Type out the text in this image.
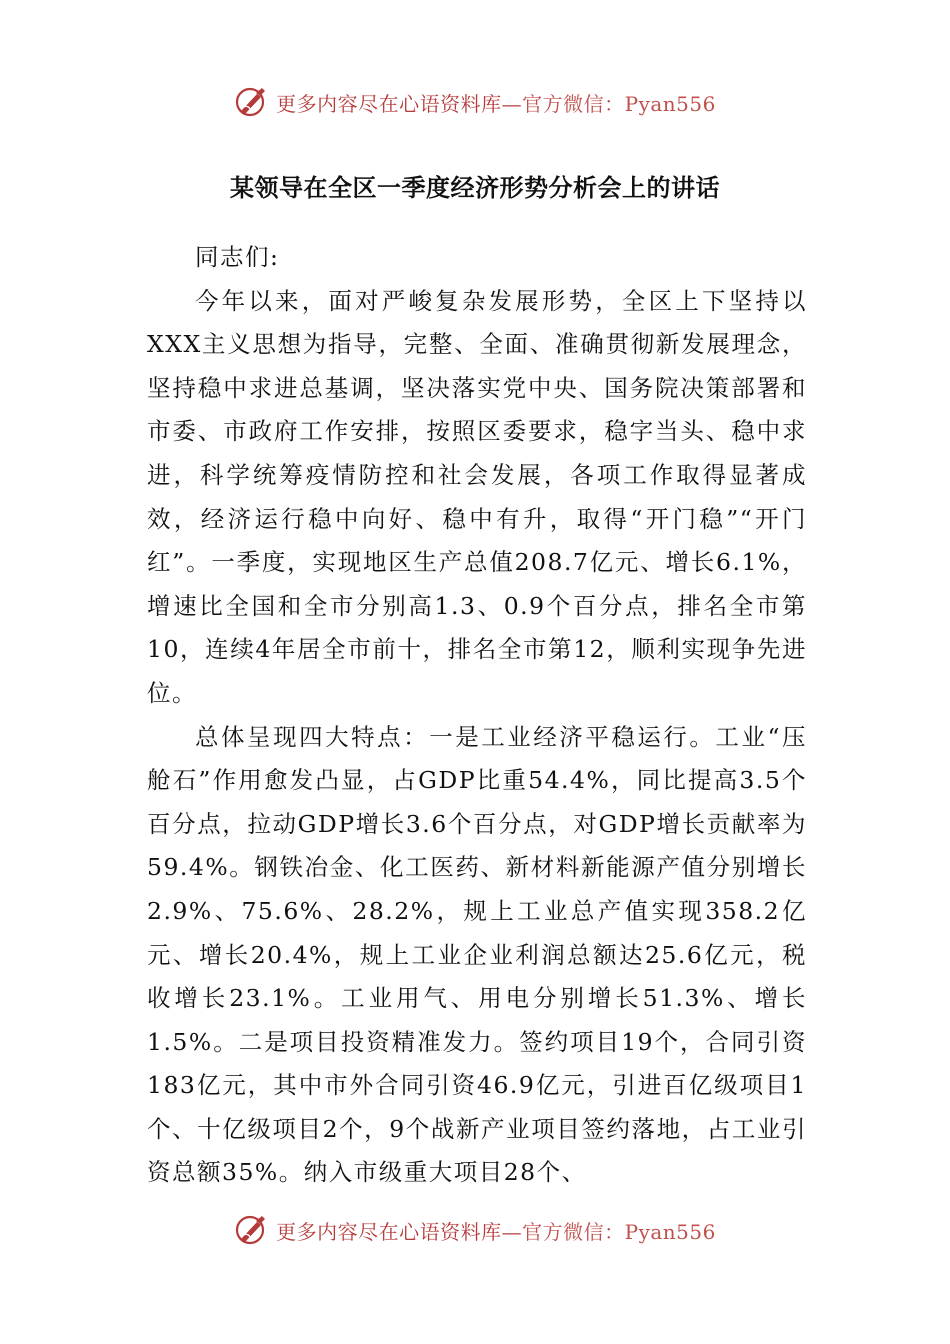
更多内容尽在心语资料库—官方微信：Pyan556
某领导在全区一季度经济形势分析会上的讲话

同志们:

今年以来，面对严峻复杂发展形势，全区上下坚持以XXX主义思想为指导，完整、全面、准确贯彻新发展理念，坚持稳中求进总基调，坚决落实党中央、国务院决策部署和市委、市政府工作安排，按照区委要求，稳字当头、稳中求进，科学统筹疫情防控和社会发展，各项工作取得显著成效，经济运行稳中向好、稳中有升，取得“开门稳”“开门红”。一季度，实现地区生产总值208.7亿元、增长6.1%，增速比全国和全市分别高1.3、0.9个百分点，排名全市第10，连续4年居全市前十，排名全市第12，顺利实现争先进位。

总体呈现四大特点：一是工业经济平稳运行。工业“压舱石”作用愈发凸显，占GDP比重54.4%，同比提高3.5个百分点，拉动GDP增长3.6个百分点，对GDP增长贡献率为59.4%。钢铁冶金、化工医药、新材料新能源产值分别增长2.9%、75.6%、28.2%，规上工业总产值实现358.2亿元、增长20.4%，规上工业企业利润总额达25.6亿元，税收增长23.1%。工业用气、用电分别增长51.3%、增长1.5%。二是项目投资精准发力。签约项目19个，合同引资183亿元，其中市外合同引资46.9亿元，引进百亿级项目1个、十亿级项目2个，9个战新产业项目签约落地，占工业引资总额35%。纳入市级重大项目28个、

更多内容尽在心语资料库—官方微信：Pyan556
